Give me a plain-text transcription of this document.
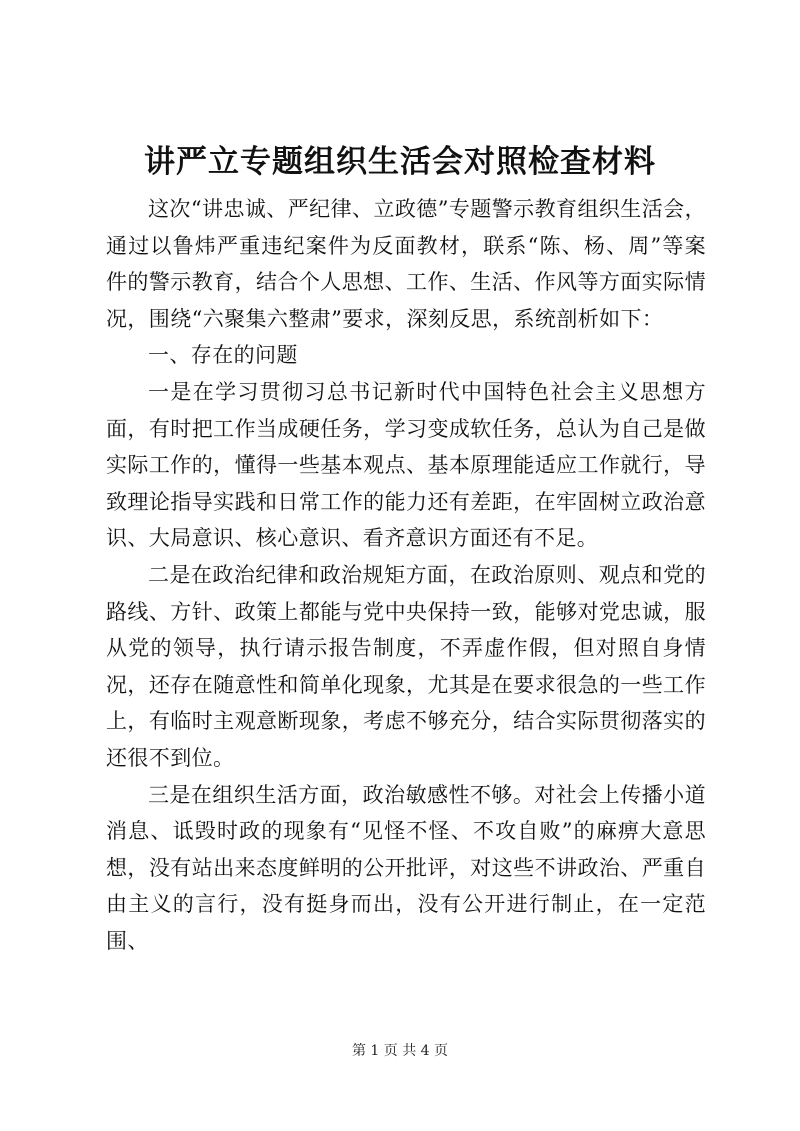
讲严立专题组织生活会对照检查材料

这次“讲忠诚、严纪律、立政德”专题警示教育组织生活会，通过以鲁炜严重违纪案件为反面教材，联系“陈、杨、周”等案件的警示教育，结合个人思想、工作、生活、作风等方面实际情况，围绕“六聚集六整肃”要求，深刻反思，系统剖析如下：

一、存在的问题

一是在学习贯彻习总书记新时代中国特色社会主义思想方面，有时把工作当成硬任务，学习变成软任务，总认为自己是做实际工作的，懂得一些基本观点、基本原理能适应工作就行，导致理论指导实践和日常工作的能力还有差距，在牢固树立政治意识、大局意识、核心意识、看齐意识方面还有不足。

二是在政治纪律和政治规矩方面，在政治原则、观点和党的路线、方针、政策上都能与党中央保持一致，能够对党忠诚，服从党的领导，执行请示报告制度，不弄虚作假，但对照自身情况，还存在随意性和简单化现象，尤其是在要求很急的一些工作上，有临时主观意断现象，考虑不够充分，结合实际贯彻落实的还很不到位。

三是在组织生活方面，政治敏感性不够。对社会上传播小道消息、诋毁时政的现象有“见怪不怪、不攻自败”的麻痹大意思想，没有站出来态度鲜明的公开批评，对这些不讲政治、严重自由主义的言行，没有挺身而出，没有公开进行制止，在一定范围、

第 1 页 共 4 页
